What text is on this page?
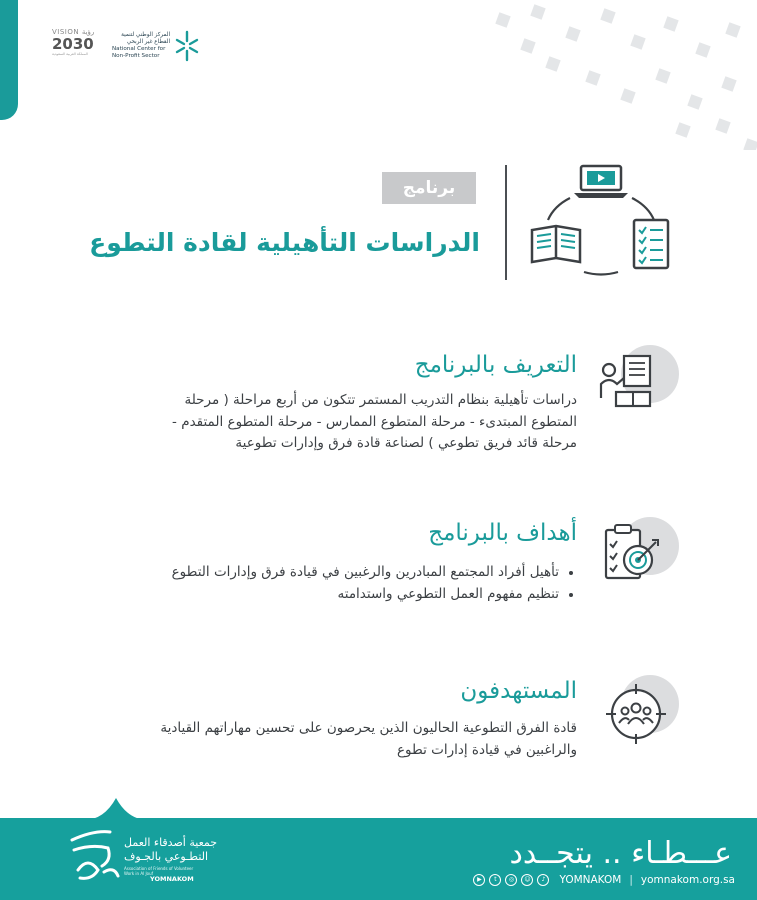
VISION رؤية
2030
المملكة العربية السعودية
المركز الوطني لتنمية
القطاع غير الربحي
National Center for
Non-Profit Sector
برنامج
الدراسات التأهيلية لقادة التطوع
التعريف بالبرنامج
دراسات تأهيلية بنظام التدريب المستمر تتكون من أربع مراحلة ( مرحلة المتطوع المبتدىء - مرحلة المتطوع الممارس - مرحلة المتطوع المتقدم - مرحلة قائد فريق تطوعي ) لصناعة قادة فرق وإدارات تطوعية
أهداف بالبرنامج
تأهيل أفراد المجتمع المبادرين والرغبين في قيادة فرق وإدارات التطوع
تنظيم مفهوم العمل التطوعي واستدامته
المستهدفون
قادة الفرق التطوعية الحاليون الذين يحرصون على تحسين مهاراتهم القيادية والراغبين في قيادة إدارات تطوع
عـــطـاء .. يتجــدد
▶	t	◎	☺	♪	YOMNAKOM | yomnakom.org.sa
جمعية أصدقاء العمل
التطـوعي بالجـوف
Association of Friends of Volunteer Work in Al Jouf
YOMNAKOM
